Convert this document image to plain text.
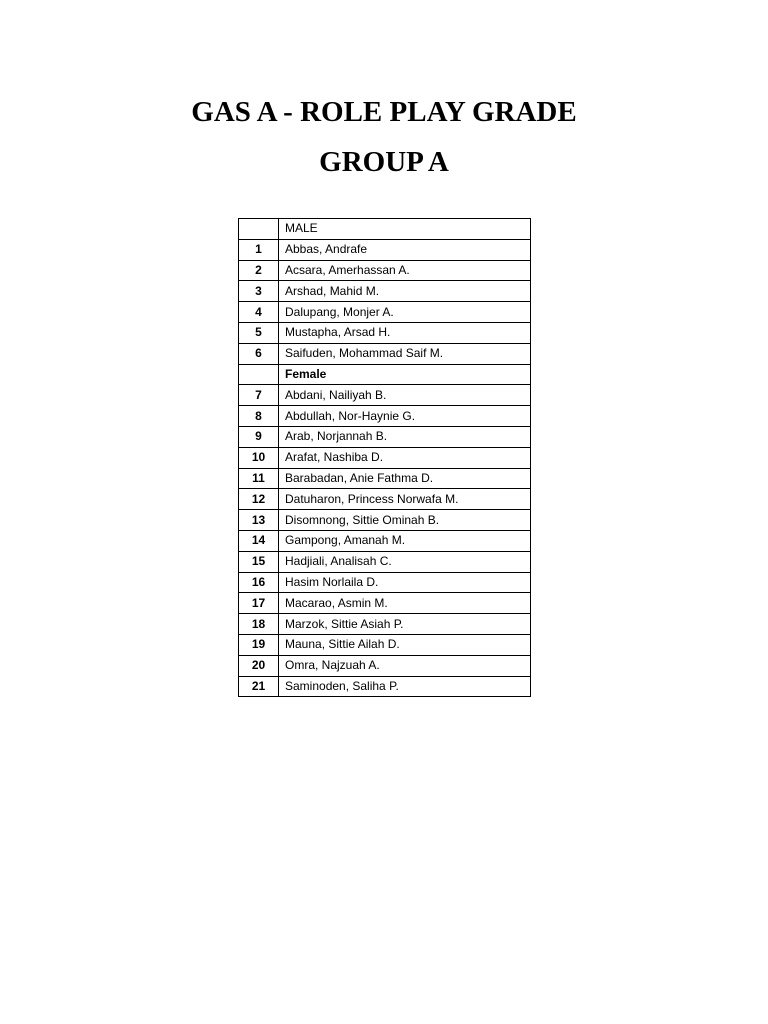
GAS A - ROLE PLAY GRADE
GROUP A
	MALE
1	Abbas, Andrafe
2	Acsara, Amerhassan A.
3	Arshad, Mahid M.
4	Dalupang, Monjer A.
5	Mustapha, Arsad H.
6	Saifuden, Mohammad Saif M.
	Female
7	Abdani, Nailiyah B.
8	Abdullah, Nor-Haynie G.
9	Arab, Norjannah B.
10	Arafat, Nashiba D.
11	Barabadan, Anie Fathma D.
12	Datuharon, Princess Norwafa M.
13	Disomnong, Sittie Ominah B.
14	Gampong, Amanah M.
15	Hadjiali, Analisah C.
16	Hasim Norlaila D.
17	Macarao, Asmin M.
18	Marzok, Sittie Asiah P.
19	Mauna, Sittie Ailah D.
20	Omra, Najzuah A.
21	Saminoden, Saliha P.
